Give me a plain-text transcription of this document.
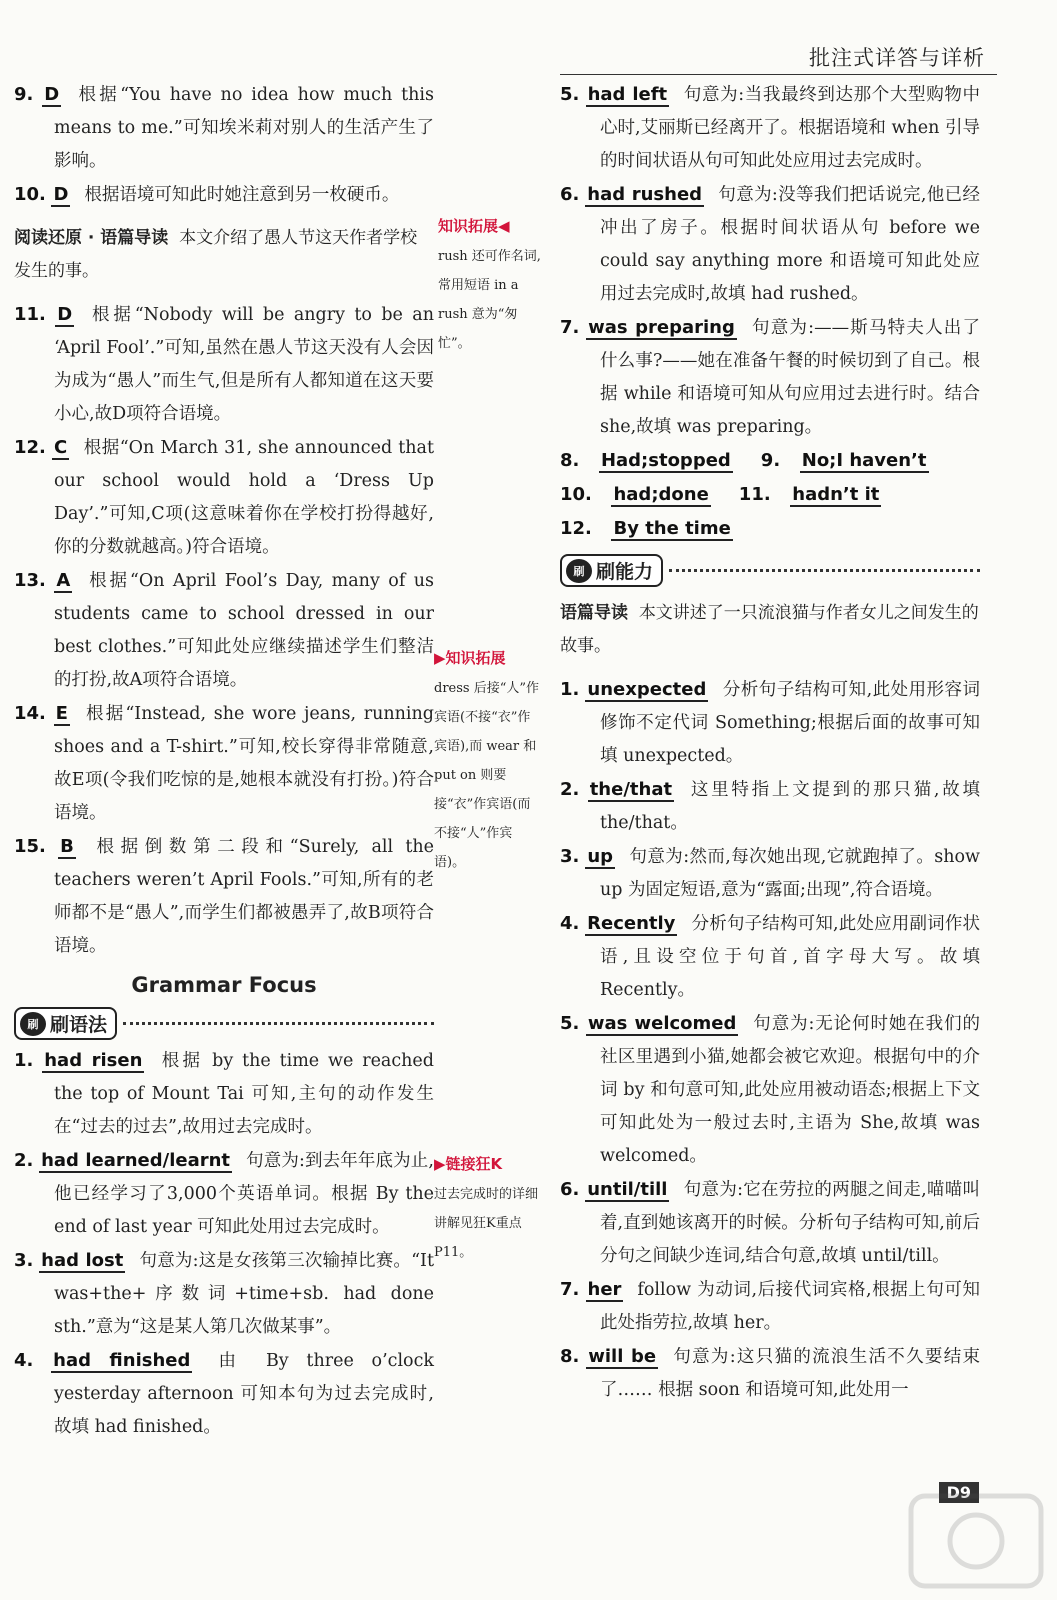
批注式详答与详析

9. D 根据“You have no idea how much this means to me.”可知埃米莉对别人的生活产生了影响。

10. D 根据语境可知此时她注意到另一枚硬币。

阅读还原 · 语篇导读 本文介绍了愚人节这天作者学校发生的事。

11. D 根据“Nobody will be angry to be an ‘April Fool’.”可知,虽然在愚人节这天没有人会因为成为“愚人”而生气,但是所有人都知道在这天要小心,故D项符合语境。

12. C 根据“On March 31, she announced that our school would hold a ‘Dress Up Day’.”可知,C项(这意味着你在学校打扮得越好,你的分数就越高。)符合语境。

13. A 根据“On April Fool’s Day, many of us students came to school dressed in our best clothes.”可知此处应继续描述学生们整洁的打扮,故A项符合语境。

14. E 根据“Instead, she wore jeans, running shoes and a T-shirt.”可知,校长穿得非常随意,故E项(令我们吃惊的是,她根本就没有打扮。)符合语境。

15. B 根据倒数第二段和“Surely, all the teachers weren’t April Fools.”可知,所有的老师都不是“愚人”,而学生们都被愚弄了,故B项符合语境。

Grammar Focus
刷 刷语法

1. had risen 根据 by the time we reached the top of Mount Tai 可知,主句的动作发生在“过去的过去”,故用过去完成时。

2. had learned/learnt 句意为:到去年年底为止,他已经学习了3,000个英语单词。根据 By the end of last year 可知此处用过去完成时。

3. had lost 句意为:这是女孩第三次输掉比赛。“It was+the+序数词+time+sb. had done sth.”意为“这是某人第几次做某事”。

4. had finished 由 By three o’clock yesterday afternoon 可知本句为过去完成时,故填 had finished。

知识拓展◀
rush 还可作名词,常用短语 in a rush 意为“匆忙”。
▶知识拓展
dress 后接“人”作宾语(不接“衣”作宾语),而 wear 和 put on 则要接“衣”作宾语(而不接“人”作宾语)。
▶链接狂K
过去完成时的详细讲解见狂K重点P11。

5. had left 句意为:当我最终到达那个大型购物中心时,艾丽斯已经离开了。根据语境和 when 引导的时间状语从句可知此处应用过去完成时。

6. had rushed 句意为:没等我们把话说完,他已经冲出了房子。根据时间状语从句 before we could say anything more 和语境可知此处应用过去完成时,故填 had rushed。

7. was preparing 句意为:——斯马特夫人出了什么事?——她在准备午餐的时候切到了自己。根据 while 和语境可知从句应用过去进行时。结合 she,故填 was preparing。

8. Had;stopped 9. No;I haven’t

10. had;done 11. hadn’t it

12. By the time

刷 刷能力

语篇导读 本文讲述了一只流浪猫与作者女儿之间发生的故事。

1. unexpected 分析句子结构可知,此处用形容词修饰不定代词 Something;根据后面的故事可知填 unexpected。

2. the/that 这里特指上文提到的那只猫,故填 the/that。

3. up 句意为:然而,每次她出现,它就跑掉了。show up 为固定短语,意为“露面;出现”,符合语境。

4. Recently 分析句子结构可知,此处应用副词作状语,且设空位于句首,首字母大写。故填 Recently。

5. was welcomed 句意为:无论何时她在我们的社区里遇到小猫,她都会被它欢迎。根据句中的介词 by 和句意可知,此处应用被动语态;根据上下文可知此处为一般过去时,主语为 She,故填 was welcomed。

6. until/till 句意为:它在劳拉的两腿之间走,喵喵叫着,直到她该离开的时候。分析句子结构可知,前后分句之间缺少连词,结合句意,故填 until/till。

7. her follow 为动词,后接代词宾格,根据上句可知此处指劳拉,故填 her。

8. will be 句意为:这只猫的流浪生活不久要结束了…… 根据 soon 和语境可知,此处用一

D9
